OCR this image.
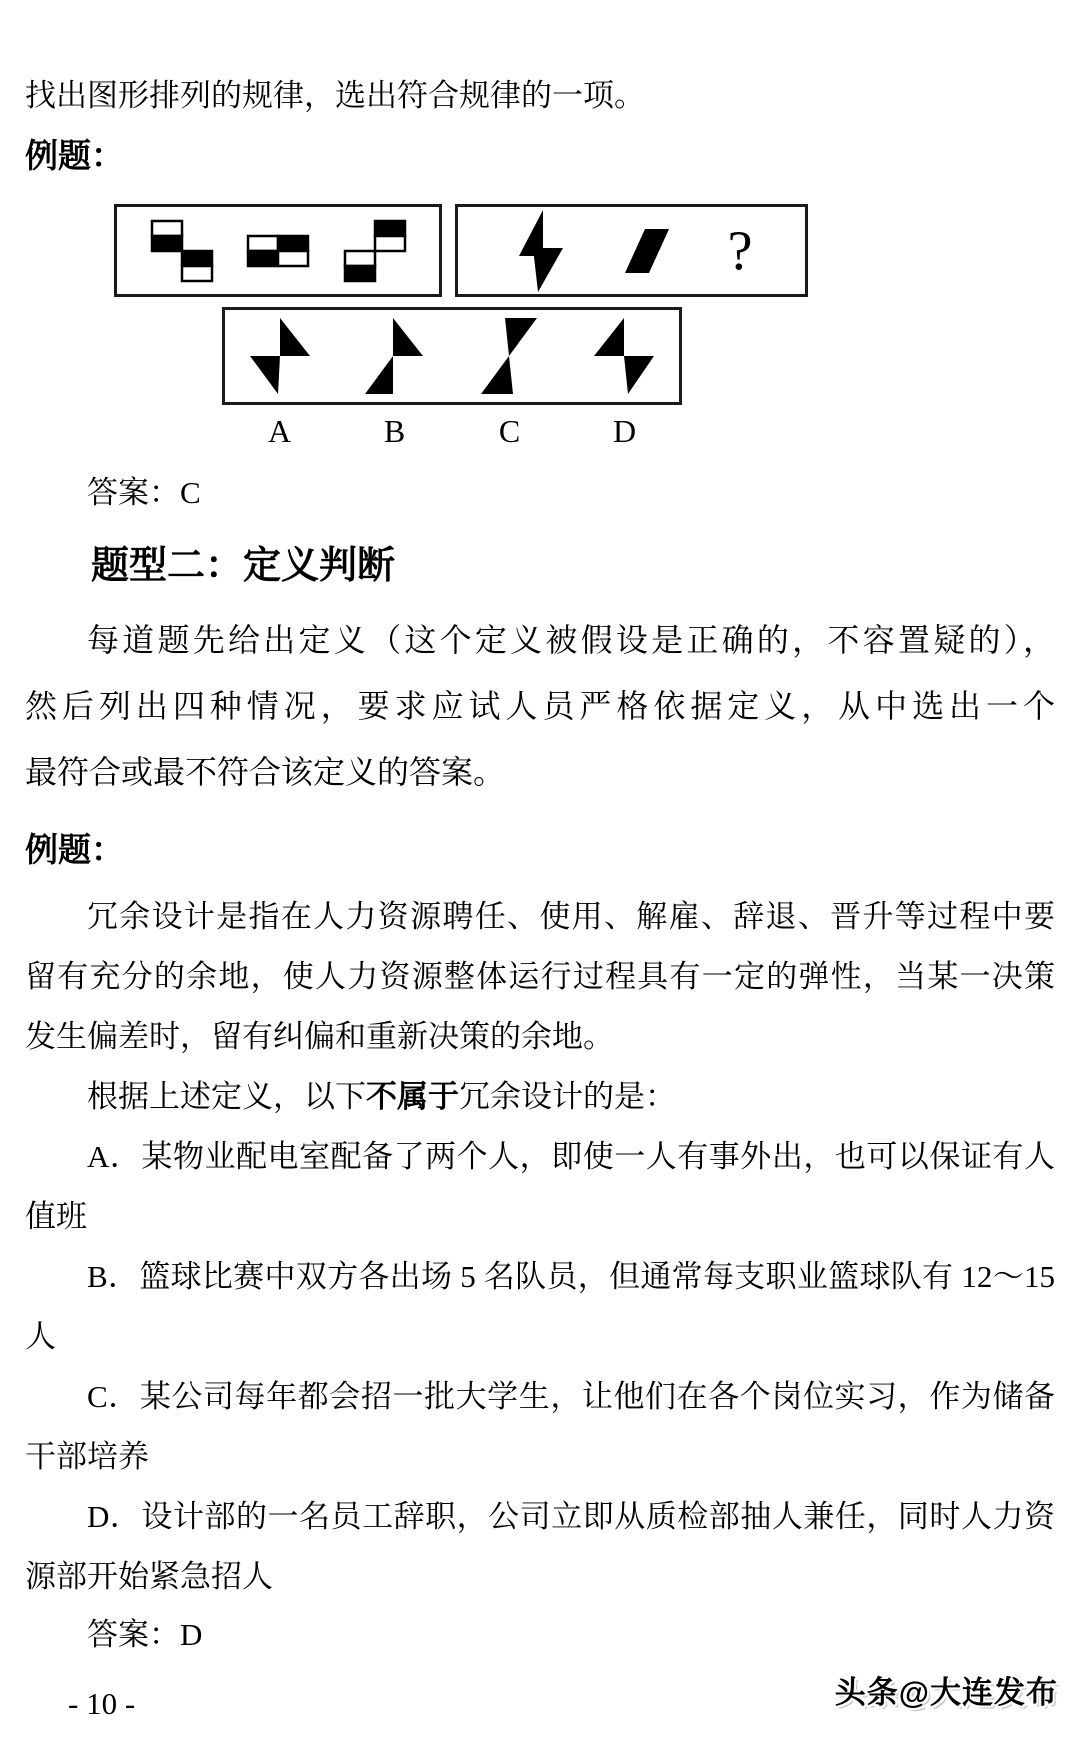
找出图形排列的规律，选出符合规律的一项。
例题：
?
A	B	C	D
答案：C
题型二：定义判断
每道题先给出定义（这个定义被假设是正确的，不容置疑的），
然后列出四种情况，要求应试人员严格依据定义，从中选出一个
最符合或最不符合该定义的答案。
例题：
冗余设计是指在人力资源聘任、使用、解雇、辞退、晋升等过程中要
留有充分的余地，使人力资源整体运行过程具有一定的弹性，当某一决策
发生偏差时，留有纠偏和重新决策的余地。
根据上述定义，以下不属于冗余设计的是：
A．某物业配电室配备了两个人，即使一人有事外出，也可以保证有人
值班
B．篮球比赛中双方各出场 5 名队员，但通常每支职业篮球队有 12～15
人
C．某公司每年都会招一批大学生，让他们在各个岗位实习，作为储备
干部培养
D．设计部的一名员工辞职，公司立即从质检部抽人兼任，同时人力资
源部开始紧急招人
答案：D
- 10 -	头条@大连发布
